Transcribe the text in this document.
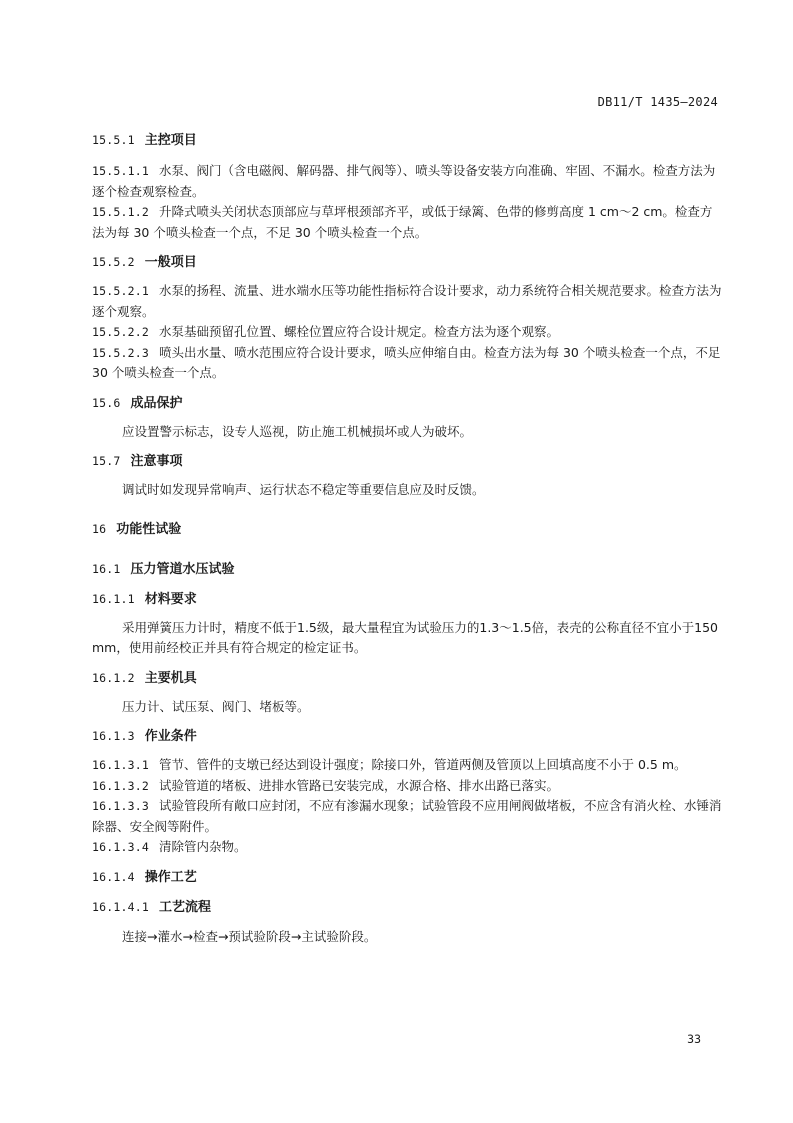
DB11/T 1435—2024
15.5.1 主控项目
15.5.1.1 水泵、阀门（含电磁阀、解码器、排气阀等）、喷头等设备安装方向准确、牢固、不漏水。检查方法为逐个检查观察检查。
15.5.1.2 升降式喷头关闭状态顶部应与草坪根颈部齐平，或低于绿篱、色带的修剪高度 1 cm～2 cm。检查方法为每 30 个喷头检查一个点，不足 30 个喷头检查一个点。
15.5.2 一般项目
15.5.2.1 水泵的扬程、流量、进水端水压等功能性指标符合设计要求，动力系统符合相关规范要求。检查方法为逐个观察。
15.5.2.2 水泵基础预留孔位置、螺栓位置应符合设计规定。检查方法为逐个观察。
15.5.2.3 喷头出水量、喷水范围应符合设计要求，喷头应伸缩自由。检查方法为每 30 个喷头检查一个点，不足 30 个喷头检查一个点。
15.6 成品保护
应设置警示标志，设专人巡视，防止施工机械损坏或人为破坏。
15.7 注意事项
调试时如发现异常响声、运行状态不稳定等重要信息应及时反馈。
16 功能性试验
16.1 压力管道水压试验
16.1.1 材料要求
采用弹簧压力计时，精度不低于1.5级，最大量程宜为试验压力的1.3～1.5倍，表壳的公称直径不宜小于150 mm，使用前经校正并具有符合规定的检定证书。
16.1.2 主要机具
压力计、试压泵、阀门、堵板等。
16.1.3 作业条件
16.1.3.1 管节、管件的支墩已经达到设计强度；除接口外，管道两侧及管顶以上回填高度不小于 0.5 m。
16.1.3.2 试验管道的堵板、进排水管路已安装完成，水源合格、排水出路已落实。
16.1.3.3 试验管段所有敞口应封闭，不应有渗漏水现象；试验管段不应用闸阀做堵板，不应含有消火栓、水锤消除器、安全阀等附件。
16.1.3.4 清除管内杂物。
16.1.4 操作工艺
16.1.4.1 工艺流程
连接→灌水→检查→预试验阶段→主试验阶段。
33
